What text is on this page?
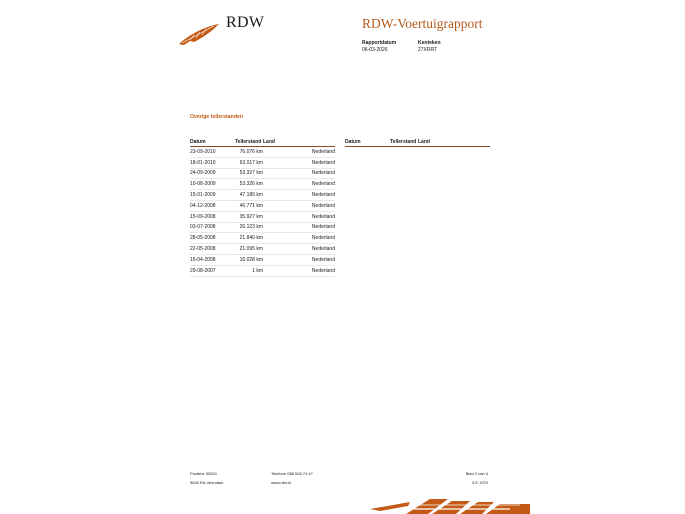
RDW	RDW-Voertuigrapport
Rapportdatum
06-03-2026
Kenteken
27XRRT
Overige tellerstanden
Datum	Tellerstand	Land
23-09-2010	76.076 km	Nederland
18-01-2010	63.017 km	Nederland
24-09-2009	53.327 km	Nederland
10-08-2009	53.326 km	Nederland
15-01-2009	47.180 km	Nederland
04-12-2008	46.771 km	Nederland
15-09-2008	35.927 km	Nederland
03-07-2008	26.123 km	Nederland
28-05-2008	21.840 km	Nederland
22-05-2008	21.095 km	Nederland
15-04-2008	16.028 km	Nederland
29-08-2007	1 km	Nederland
Datum	Tellerstand	Land
Postbus 30000
9640 RA Veendam
Telefoon 088 008 74 47
www.rdw.nl
Blad 2 van 4
3 E 1970
